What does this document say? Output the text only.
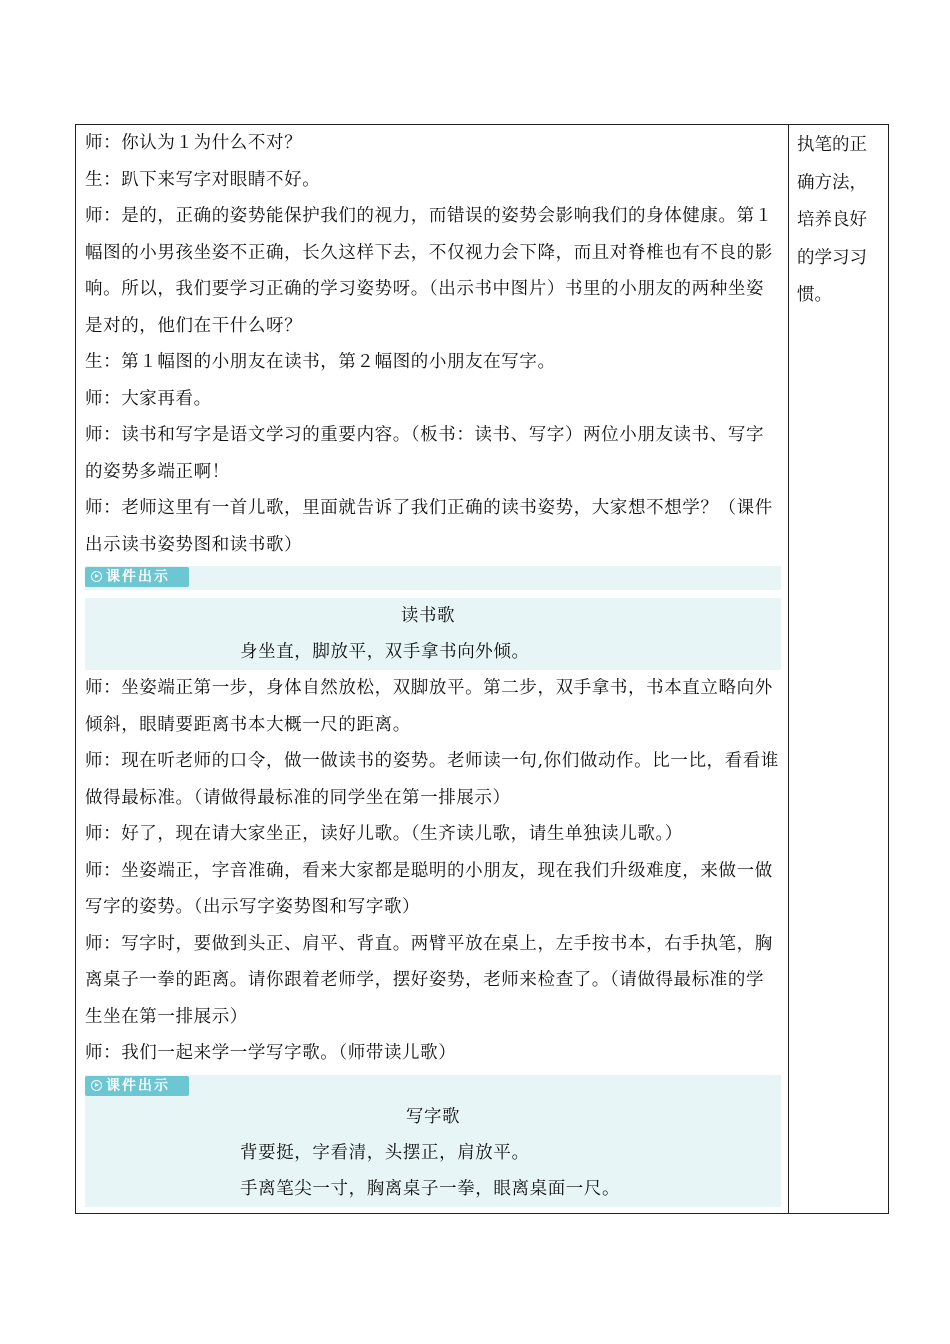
师：你认为１为什么不对？

生：趴下来写字对眼睛不好。

师：是的，正确的姿势能保护我们的视力，而错误的姿势会影响我们的身体健康。第１幅图的小男孩坐姿不正确，长久这样下去，不仅视力会下降，而且对脊椎也有不良的影响。所以，我们要学习正确的学习姿势呀。（出示书中图片）书里的小朋友的两种坐姿是对的，他们在干什么呀？

生：第１幅图的小朋友在读书，第２幅图的小朋友在写字。

师：大家再看。

师：读书和写字是语文学习的重要内容。（板书：读书、写字）两位小朋友读书、写字的姿势多端正啊！

师：老师这里有一首儿歌，里面就告诉了我们正确的读书姿势，大家想不想学？（课件出示读书姿势图和读书歌）

课件出示
读书歌
身坐直，脚放平，双手拿书向外倾。

师：坐姿端正第一步，身体自然放松，双脚放平。第二步，双手拿书，书本直立略向外倾斜，眼睛要距离书本大概一尺的距离。

师：现在听老师的口令，做一做读书的姿势。老师读一句,你们做动作。比一比，看看谁做得最标准。（请做得最标准的同学坐在第一排展示）

师：好了，现在请大家坐正，读好儿歌。（生齐读儿歌，请生单独读儿歌。）

师：坐姿端正，字音准确，看来大家都是聪明的小朋友，现在我们升级难度，来做一做写字的姿势。（出示写字姿势图和写字歌）

师：写字时，要做到头正、肩平、背直。两臂平放在桌上，左手按书本，右手执笔，胸离桌子一拳的距离。请你跟着老师学，摆好姿势，老师来检查了。（请做得最标准的学生坐在第一排展示）

师：我们一起来学一学写字歌。（师带读儿歌）

课件出示
写字歌
背要挺，字看清，头摆正，肩放平。
手离笔尖一寸，胸离桌子一拳，眼离桌面一尺。
执笔的正确方法，培养良好的学习习惯。
